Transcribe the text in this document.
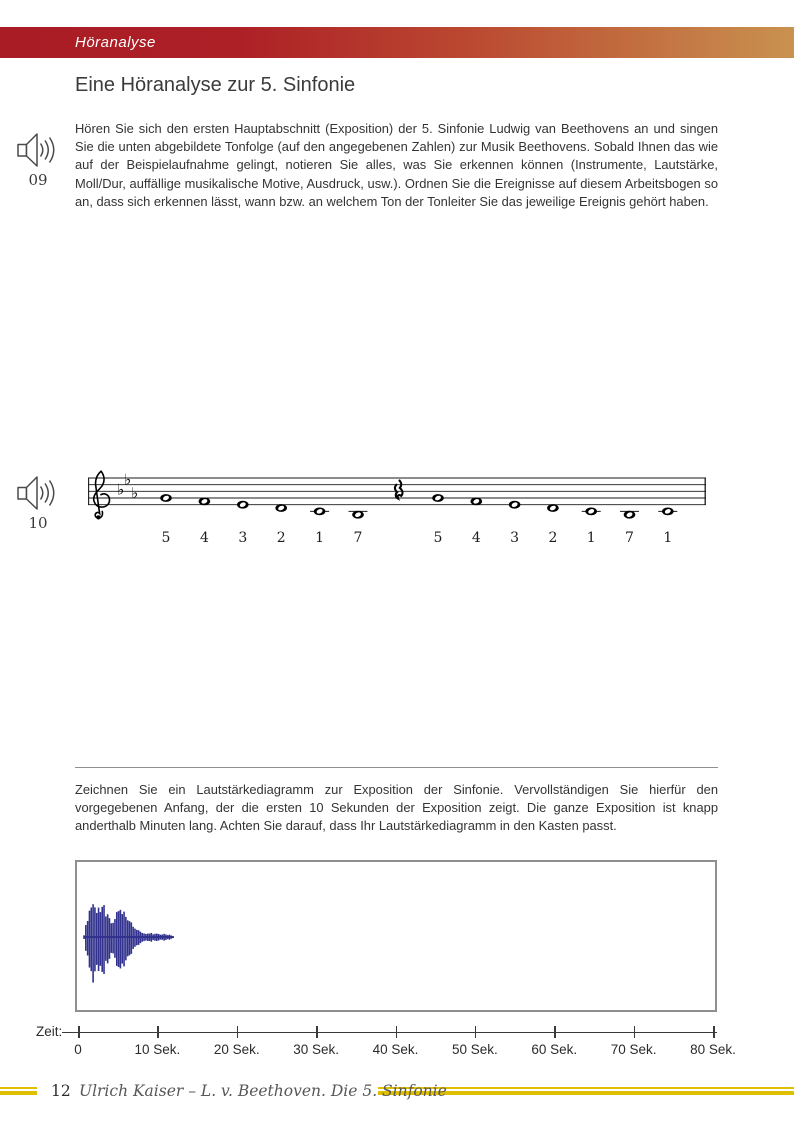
Höranalyse
Eine Höranalyse zur 5. Sinfonie
09

Hören Sie sich den ersten Hauptabschnitt (Exposition) der 5. Sinfonie Ludwig van Beethovens an und singen Sie die unten abgebildete Tonfolge (auf den angegebenen Zahlen) zur Musik Beethovens. Sobald Ihnen das wie auf der Beispielaufnahme gelingt, notieren Sie alles, was Sie erkennen können (Instrumente, Lautstärke, Moll/Dur, auffällige musikalische Motive, Ausdruck, usw.). Ordnen Sie die Ereignisse auf diesem Arbeitsbogen so an, dass sich erkennen lässt, wann bzw. an welchem Ton der Tonleiter Sie das jeweilige Ereignis gehört haben.

10
♭
♭
♭
5 4 3 2 1 7	5 4 3 2 1 7 1

Zeichnen Sie ein Lautstärkediagramm zur Exposition der Sinfonie. Vervollständigen Sie hierfür den vorgegebenen Anfang, der die ersten 10 Sekunden der Exposition zeigt. Die ganze Exposition ist knapp anderthalb Minuten lang. Achten Sie darauf, dass Ihr Lautstärkediagramm in den Kasten passt.

Zeit:
0	10 Sek. 20 Sek. 30 Sek. 40 Sek. 50 Sek. 60 Sek. 70 Sek. 80 Sek.
12 Ulrich Kaiser – L. v. Beethoven. Die 5. Sinfonie
